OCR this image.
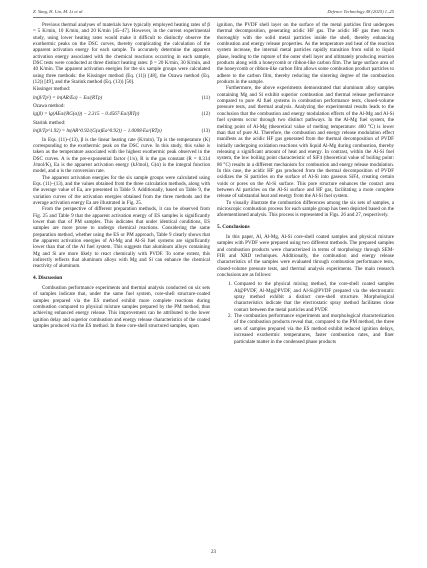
Z. Yang, H. Liu, M. Li et al.	Defence Technology 48 (2025) 1–25

Previous thermal analyses of materials have typically employed heating rates of β = 5 K/min, 10 K/min, and 20 K/min [45–47]. However, in the current experimental study, using lower heating rates would make it difficult to distinctly observe the exothermic peaks on the DSC curves, thereby complicating the calculation of the apparent activation energy for each sample. To accurately determine the apparent activation energy associated with the chemical reactions occurring in each sample, DSC tests were conducted at three distinct heating rates: β = 20 K/min, 30 K/min, and 40 K/min. The apparent activation energies for the six sample groups were calculated using three methods: the Kissinger method (Eq. (11)) [48], the Ozawa method (Eq. (12)) [49], and the Starink method (Eq. (13)) [50].

Kissinger method:

ln(β/Tp²) = ln(AR/Ea) − Ea/(RTp)	(11)

Ozawa method:

lg(β) = lg(AEa/(RG(α))) − 2.315 − 0.4567·Ea/(RTp)	(12)

Starink method:

ln(β/Tp^1.92) = ln(AR^0.92/(G(α)Ea^0.92)) − 1.0008·Ea/(RTp)	(13)

In Eqs. (11)–(13), β is the linear heating rate (K/min), Tp is the temperature (K) corresponding to the exothermic peak on the DSC curve. In this study, this value is taken as the temperature associated with the highest exothermic peak observed in the DSC curves. A is the pre-exponential factor (1/s), R is the gas constant (R = 8.314 J/mol/K), Ea is the apparent activation energy (kJ/mol), G(α) is the integral function model, and α is the conversion rate.

The apparent activation energies for the six sample groups were calculated using Eqs. (11)–(13), and the values obtained from the three calculation methods, along with the average value of Ea, are presented in Table 9. Additionally, based on Table 9, the variation curves of the activation energies obtained from the three methods and the average activation energy Ea are illustrated in Fig. 25.

From the perspective of different preparation methods, it can be observed from Fig. 25 and Table 9 that the apparent activation energy of ES samples is significantly lower than that of PM samples. This indicates that under identical conditions, ES samples are more prone to undergo chemical reactions. Considering the same preparation method, whether using the ES or PM approach, Table 9 clearly shows that the apparent activation energies of Al-Mg and Al-Si fuel systems are significantly lower than that of the Al fuel system. This suggests that aluminum alloys containing Mg and Si are more likely to react chemically with PVDF. To some extent, this indirectly reflects that aluminum alloys with Mg and Si can enhance the chemical reactivity of aluminum.

4. Discussion

Combustion performance experiments and thermal analysis conducted on six sets of samples indicate that, under the same fuel system, core-shell structure-coated samples prepared via the ES method exhibit more complete reactions during combustion compared to physical mixture samples prepared by the PM method, thus achieving enhanced energy release. This improvement can be attributed to the lower ignition delay and superior combustion and energy release characteristics of the coated samples produced via the ES method. In these core-shell structured samples, upon

ignition, the PVDF shell layer on the surface of the metal particles first undergoes thermal decomposition, generating acidic HF gas. The acidic HF gas then reacts thoroughly with the solid metal particles inside the shell, thereby enhancing combustion and energy release properties. As the temperature and heat of the reaction system increase, the internal metal particles rapidly transition from solid to liquid phase, leading to the rupture of the outer shell layer and ultimately producing reaction products along with a honeycomb or ribbon-like carbon film. The large surface area of the honeycomb or ribbon-like carbon film allows some combustion product particles to adhere to the carbon film, thereby reducing the sintering degree of the combustion products in the sample.

Furthermore, the above experiments demonstrated that aluminum alloy samples containing Mg and Si exhibit superior combustion and thermal release performance compared to pure Al fuel systems in combustion performance tests, closed-volume pressure tests, and thermal analysis. Analyzing the experimental results leads to the conclusion that the combustion and energy modulation effects of the Al-Mg and Al-Si fuel systems occur through two distinct pathways. In the Al-Mg fuel system, the melting point of Al-Mg (theoretical value of melting temperature: 460 °C) is lower than that of pure Al. Therefore, the combustion and energy release modulation effect manifests as the acidic HF gas generated from the thermal decomposition of PVDF initially undergoing oxidation reactions with liquid Al-Mg during combustion, thereby releasing a significant amount of heat and energy. In contrast, within the Al-Si fuel system, the low boiling point characteristic of SiF4 (theoretical value of boiling point: 86 °C) results in a different mechanism for combustion and energy release modulation. In this case, the acidic HF gas produced from the thermal decomposition of PVDF oxidizes the Si particles on the surface of Al-Si into gaseous SiF4, creating certain voids or pores on the Al-Si surface. This pore structure enhances the contact area between Al particles on the Al-Si surface and HF gas, facilitating a more complete release of substantial heat and energy from the Al-Si fuel system.

To visually illustrate the combustion differences among the six sets of samples, a microscopic combustion process for each sample group has been depicted based on the aforementioned analysis. This process is represented in Figs. 26 and 27, respectively.

5. Conclusions

In this paper, Al, Al-Mg, Al-Si core-shell coated samples and physical mixture samples with PVDF were prepared using two different methods. The prepared samples and combustion products were characterized in terms of morphology through SEM-FIB and XRD techniques. Additionally, the combustion and energy release characteristics of the samples were evaluated through combustion performance tests, closed-volume pressure tests, and thermal analysis experiments. The main research conclusions are as follows:

1. Compared to the physical mixing method, the core-shell coated samples Al@PVDF, Al-Mg@PVDF, and Al-Si@PVDF prepared via the electrostatic spray method exhibit a distinct core-shell structure. Morphological characteristics indicate that the electrostatic spray method facilitates close contact between the metal particles and PVDF.
2. The combustion performance experiments and morphological characterization of the combustion products reveal that, compared to the PM method, the three sets of samples prepared via the ES method exhibit reduced ignition delays, increased exothermic temperatures, faster combustion rates, and finer particulate matter in the condensed phase products
23
